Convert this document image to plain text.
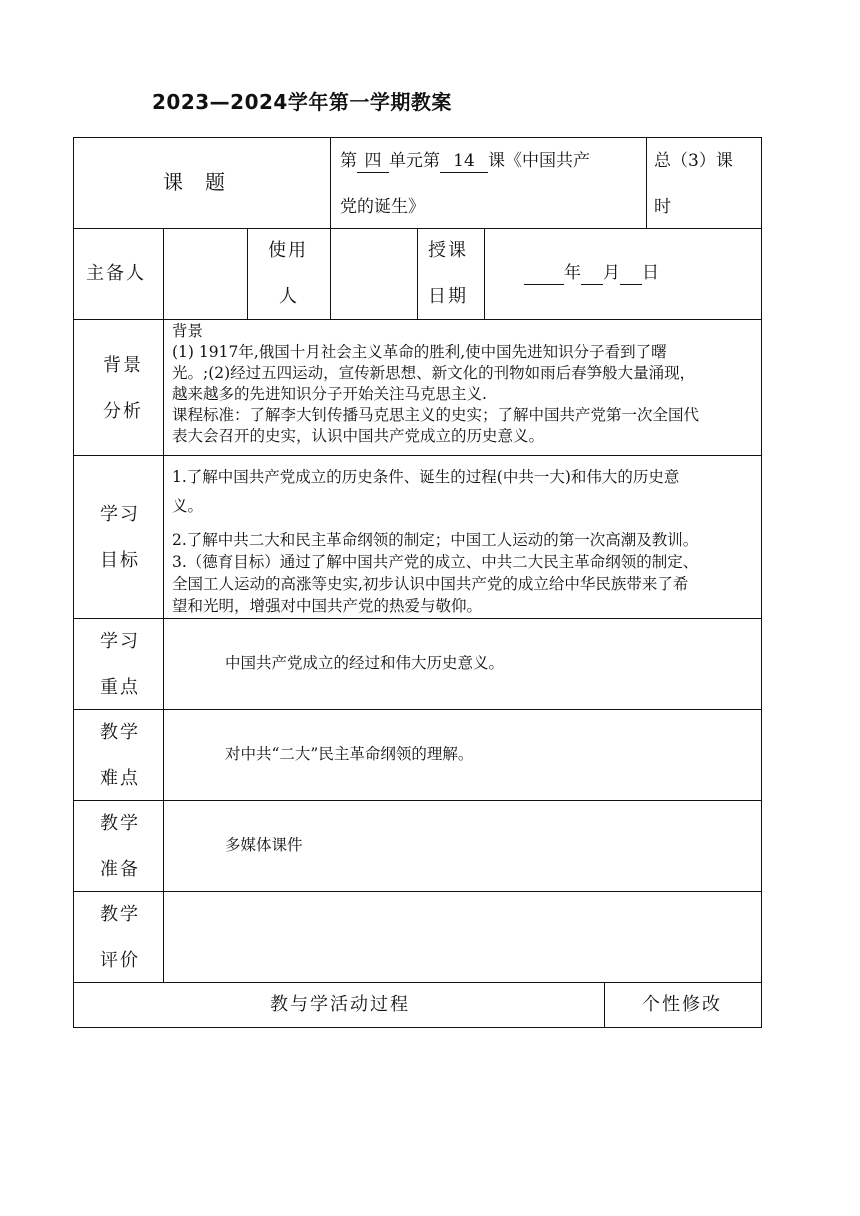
2023—2024学年第一学期教案
课　题
第 四 单元第 14 课《中国共产
党的诞生》
总（3）课
时
主备人
使用
人
授课
日期
年 月 日
背景
分析
背景
(1) 1917年,俄国十月社会主义革命的胜利,使中国先进知识分子看到了曙
光。;(2)经过五四运动，宣传新思想、新文化的刊物如雨后春笋般大量涌现，
越来越多的先进知识分子开始关注马克思主义.
课程标准：了解李大钊传播马克思主义的史实；了解中国共产党第一次全国代
表大会召开的史实，认识中国共产党成立的历史意义。
学习
目标
1.了解中国共产党成立的历史条件、诞生的过程(中共一大)和伟大的历史意
义。
2.了解中共二大和民主革命纲领的制定；中国工人运动的第一次高潮及教训。
3.（德育目标）通过了解中国共产党的成立、中共二大民主革命纲领的制定、
全国工人运动的高涨等史实,初步认识中国共产党的成立给中华民族带来了希
望和光明，增强对中国共产党的热爱与敬仰。
学习
重点
中国共产党成立的经过和伟大历史意义。
教学
难点
对中共“二大”民主革命纲领的理解。
教学
准备
多媒体课件
教学
评价
教与学活动过程	个性修改
